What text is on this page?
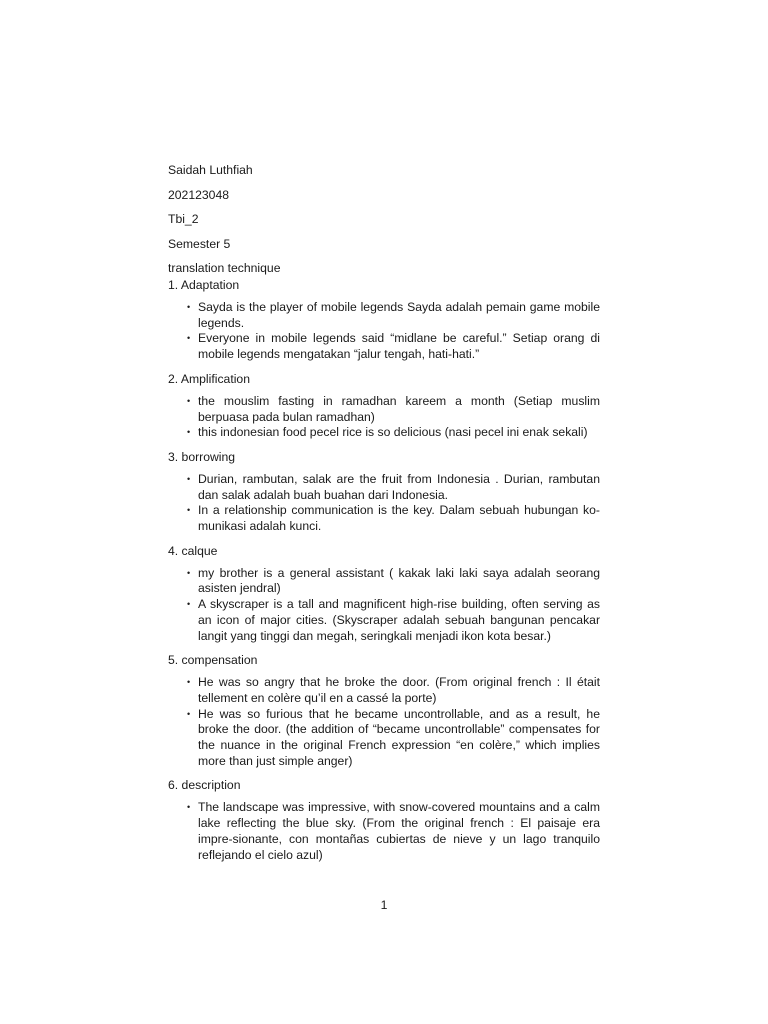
Saidah Luthfiah
202123048
Tbi_2
Semester 5
translation technique
1. Adaptation
• Sayda is the player of mobile legends Sayda adalah pemain game mobile legends.
• Everyone in mobile legends said “midlane be careful.” Setiap orang di mobile legends mengatakan “jalur tengah, hati-hati.”
2. Amplification
• the mouslim fasting in ramadhan kareem a month (Setiap muslim berpuasa pada bulan ramadhan)
• this indonesian food pecel rice is so delicious (nasi pecel ini enak sekali)
3. borrowing
• Durian, rambutan, salak are the fruit from Indonesia . Durian, rambutan dan salak adalah buah buahan dari Indonesia.
• In a relationship communication is the key. Dalam sebuah hubungan ko-munikasi adalah kunci.
4. calque
• my brother is a general assistant ( kakak laki laki saya adalah seorang asisten jendral)
• A skyscraper is a tall and magnificent high-rise building, often serving as an icon of major cities. (Skyscraper adalah sebuah bangunan pencakar langit yang tinggi dan megah, seringkali menjadi ikon kota besar.)
5. compensation
• He was so angry that he broke the door. (From original french : Il était tellement en colère qu’il en a cassé la porte)
• He was so furious that he became uncontrollable, and as a result, he broke the door. (the addition of “became uncontrollable” compensates for the nuance in the original French expression “en colère,” which implies more than just simple anger)
6. description
• The landscape was impressive, with snow-covered mountains and a calm lake reflecting the blue sky. (From the original french : El paisaje era impre-sionante, con montañas cubiertas de nieve y un lago tranquilo reflejando el cielo azul)
1
